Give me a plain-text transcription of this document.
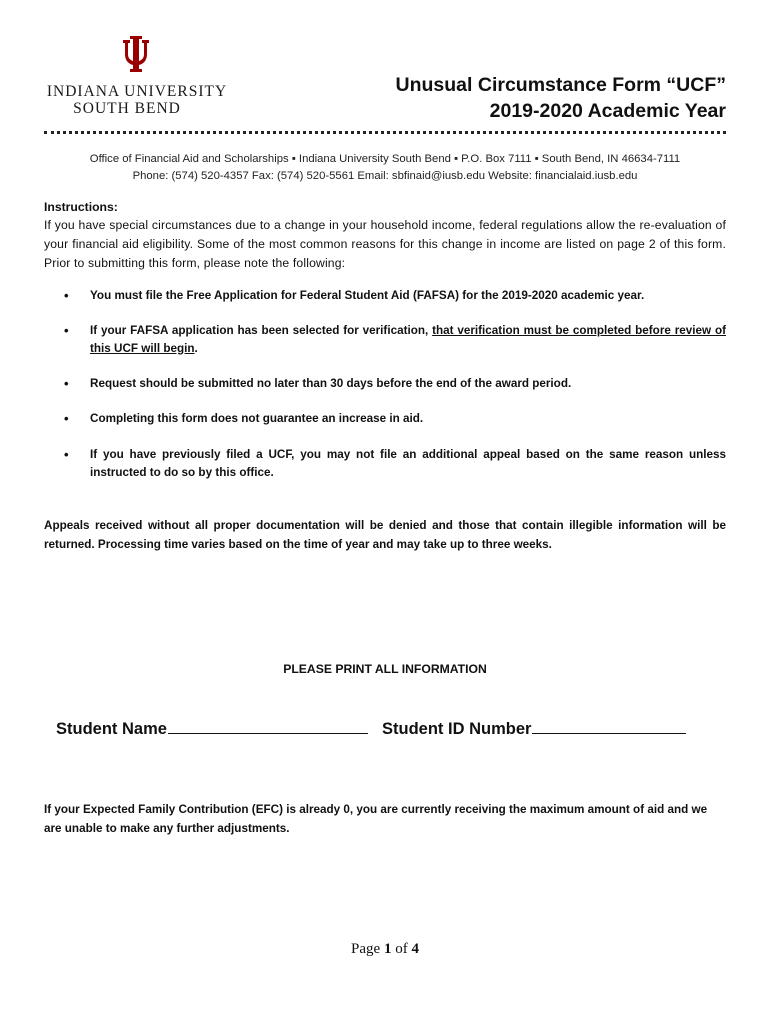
INDIANA UNIVERSITY
SOUTH BEND
Unusual Circumstance Form “UCF”
2019-2020 Academic Year
Office of Financial Aid and Scholarships ▪ Indiana University South Bend ▪ P.O. Box 7111 ▪ South Bend, IN 46634-7111
Phone: (574) 520-4357 Fax: (574) 520-5561 Email: sbfinaid@iusb.edu Website: financialaid.iusb.edu
Instructions:
If you have special circumstances due to a change in your household income, federal regulations allow the re-evaluation of your financial aid eligibility. Some of the most common reasons for this change in income are listed on page 2 of this form. Prior to submitting this form, please note the following:
•	You must file the Free Application for Federal Student Aid (FAFSA) for the 2019-2020 academic year.
•	If your FAFSA application has been selected for verification, that verification must be completed before review of this UCF will begin.
•	Request should be submitted no later than 30 days before the end of the award period.
•	Completing this form does not guarantee an increase in aid.
•	If you have previously filed a UCF, you may not file an additional appeal based on the same reason unless instructed to do so by this office.
Appeals received without all proper documentation will be denied and those that contain illegible information will be returned. Processing time varies based on the time of year and may take up to three weeks.
PLEASE PRINT ALL INFORMATION
Student Name	Student ID Number
If your Expected Family Contribution (EFC) is already 0, you are currently receiving the maximum amount of aid and we are unable to make any further adjustments.
Page 1 of 4
